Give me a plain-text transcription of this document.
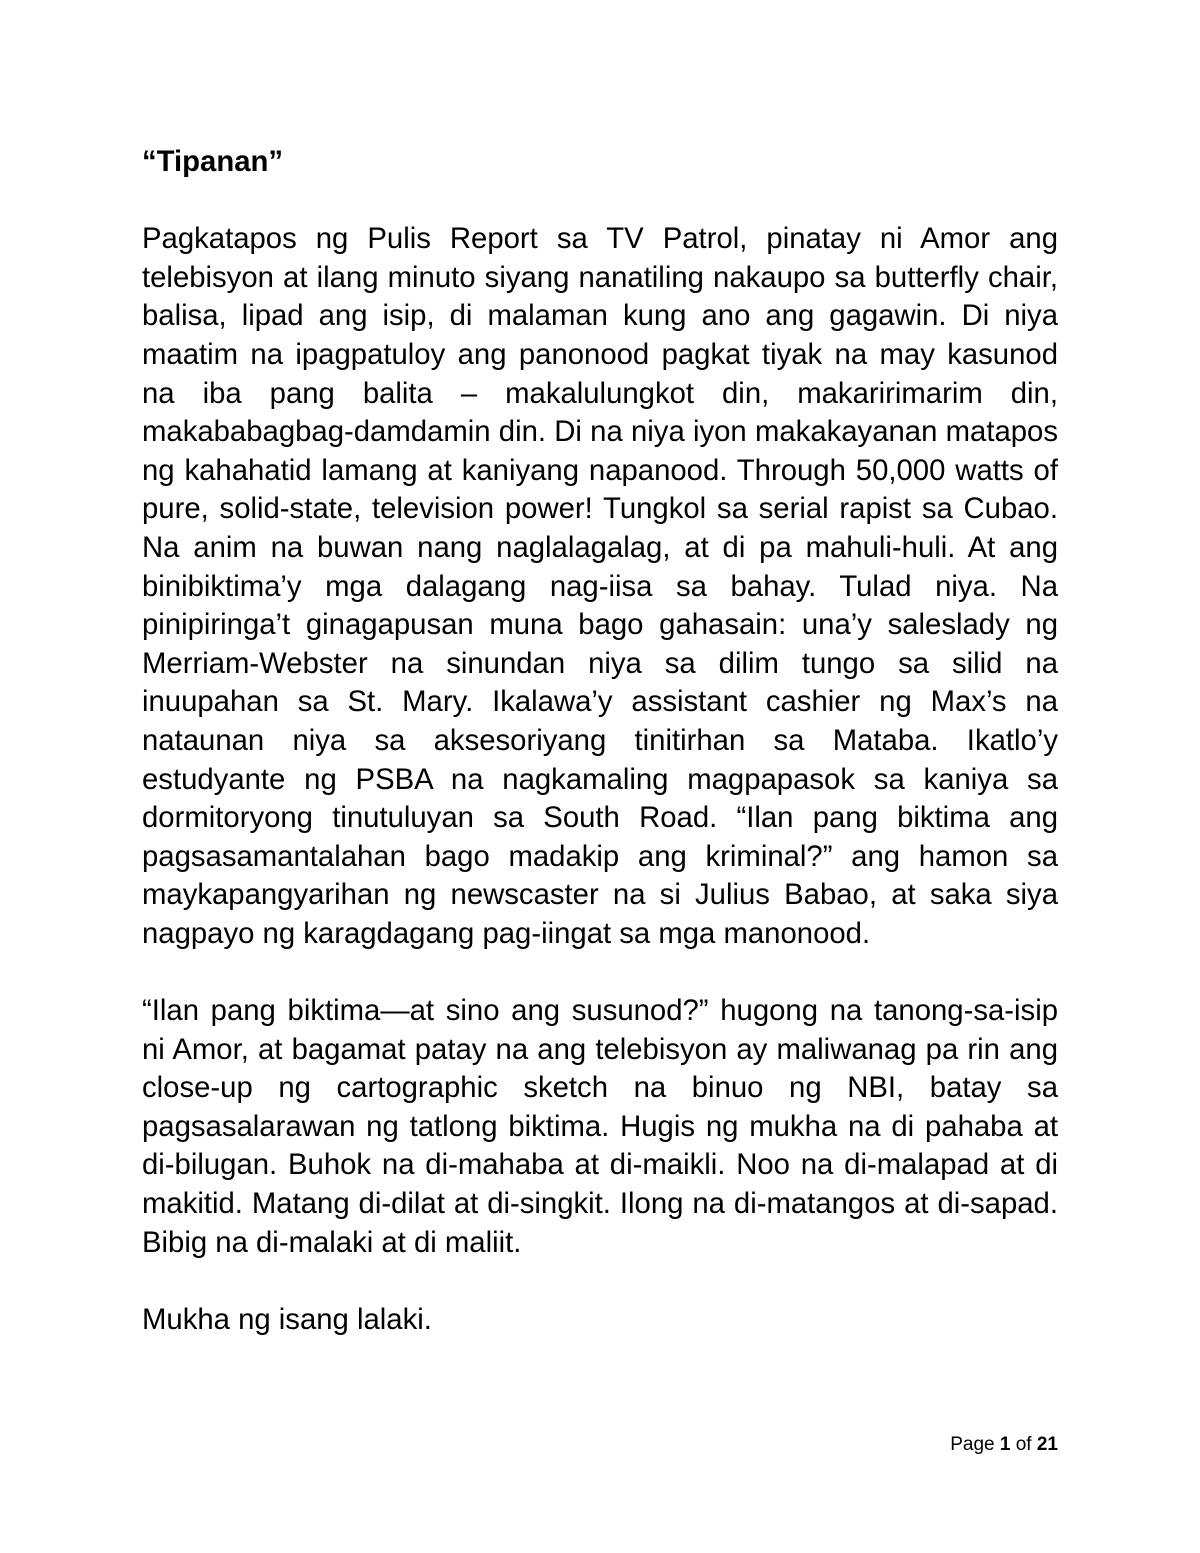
“Tipanan”

Pagkatapos ng Pulis Report sa TV Patrol, pinatay ni Amor ang telebisyon at ilang minuto siyang nanatiling nakaupo sa butterfly chair, balisa, lipad ang isip, di malaman kung ano ang gagawin. Di niya maatim na ipagpatuloy ang panonood pagkat tiyak na may kasunod na iba pang balita – makalulungkot din, makaririmarim din, makababagbag-damdamin din. Di na niya iyon makakayanan matapos ng kahahatid lamang at kaniyang napanood. Through 50,000 watts of pure, solid-state, television power! Tungkol sa serial rapist sa Cubao. Na anim na buwan nang naglalagalag, at di pa mahuli-huli. At ang binibiktima’y mga dalagang nag-iisa sa bahay. Tulad niya. Na pinipiringa’t ginagapusan muna bago gahasain: una’y saleslady ng Merriam-Webster na sinundan niya sa dilim tungo sa silid na inuupahan sa St. Mary. Ikalawa’y assistant cashier ng Max’s na nataunan niya sa aksesoriyang tinitirhan sa Mataba. Ikatlo’y estudyante ng PSBA na nagkamaling magpapasok sa kaniya sa dormitoryong tinutuluyan sa South Road. “Ilan pang biktima ang pagsasamantalahan bago madakip ang kriminal?” ang hamon sa maykapangyarihan ng newscaster na si Julius Babao, at saka siya nagpayo ng karagdagang pag-iingat sa mga manonood.

“Ilan pang biktima—at sino ang susunod?” hugong na tanong-sa-isip ni Amor, at bagamat patay na ang telebisyon ay maliwanag pa rin ang close-up ng cartographic sketch na binuo ng NBI, batay sa pagsasalarawan ng tatlong biktima. Hugis ng mukha na di pahaba at di-bilugan. Buhok na di-mahaba at di-maikli. Noo na di-malapad at di makitid. Matang di-dilat at di-singkit. Ilong na di-matangos at di-sapad. Bibig na di-malaki at di maliit.

Mukha ng isang lalaki.

Page 1 of 21
